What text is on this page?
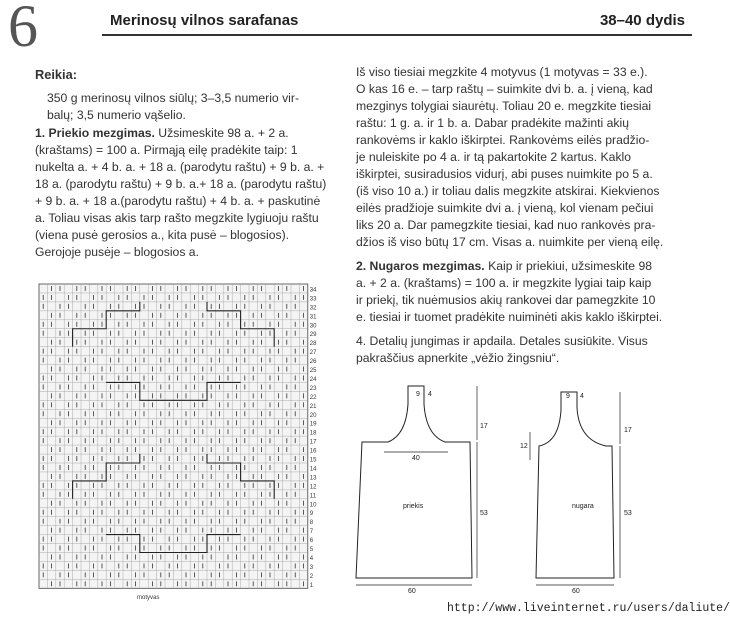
6	Merinosų vilnos sarafanas	38–40 dydis
Reikia:
350 g merinosų vilnos siūlų; 3–3,5 numerio vir-
balų; 3,5 numerio vąšelio.
1. Priekio mezgimas. Užsimeskite 98 a. + 2 a.
(kraštams) = 100 a. Pirmąją eilę pradėkite taip: 1
nukelta a. + 4 b. a. + 18 a. (parodytu raštu) + 9 b. a. +
18 a. (parodytu raštu) + 9 b. a.+ 18 a. (parodytu raštu)
+ 9 b. a. + 18 a.(parodytu raštu) + 4 b. a. + paskutinė
a. Toliau visas akis tarp rašto megzkite lygiuoju raštu
(viena pusė gerosios a., kita pusė – blogosios).
Gerojoje pusėje – blogosios a.
Iš viso tiesiai megzkite 4 motyvus (1 motyvas = 33 e.).
O kas 16 e. – tarp raštų – suimkite dvi b. a. į vieną, kad
mezginys tolygiai siaurėtų. Toliau 20 e. megzkite tiesiai
raštu: 1 g. a. ir 1 b. a. Dabar pradėkite mažinti akių
rankovėms ir kaklo iškirptei. Rankovėms eilės pradžio-
je nuleiskite po 4 a. ir tą pakartokite 2 kartus. Kaklo
iškirptei, susiradusios vidurį, abi puses nuimkite po 5 a.
(iš viso 10 a.) ir toliau dalis megzkite atskirai. Kiekvienos
eilės pradžioje suimkite dvi a. į vieną, kol vienam pečiui
liks 20 a. Dar pamegzkite tiesiai, kad nuo rankovės pra-
džios iš viso būtų 17 cm. Visas a. nuimkite per vieną eilę.
2. Nugaros mezgimas. Kaip ir priekiui, užsimeskite 98
a. + 2 a. (kraštams) = 100 a. ir megzkite lygiai taip kaip
ir priekį, tik nuėmusios akių rankovei dar pamegzkite 10
e. tiesiai ir tuomet pradėkite nuiminėti akis kaklo iškirptei.
4. Detalių jungimas ir apdaila. Detales susiūkite. Visus
pakraščius apnerkite „vėžio žingsniu“.
34
33
32
31
30
29
28
27
26
25
24
23
22
21
20
19
18
17
16
15
14
13
12
11
10
9
8
7
6
5
4
3
2
1
motyvas
40
priekis
60
53
17
9 4
nugara
60
53
17
12
9 4
http://www.liveinternet.ru/users/daliute/
